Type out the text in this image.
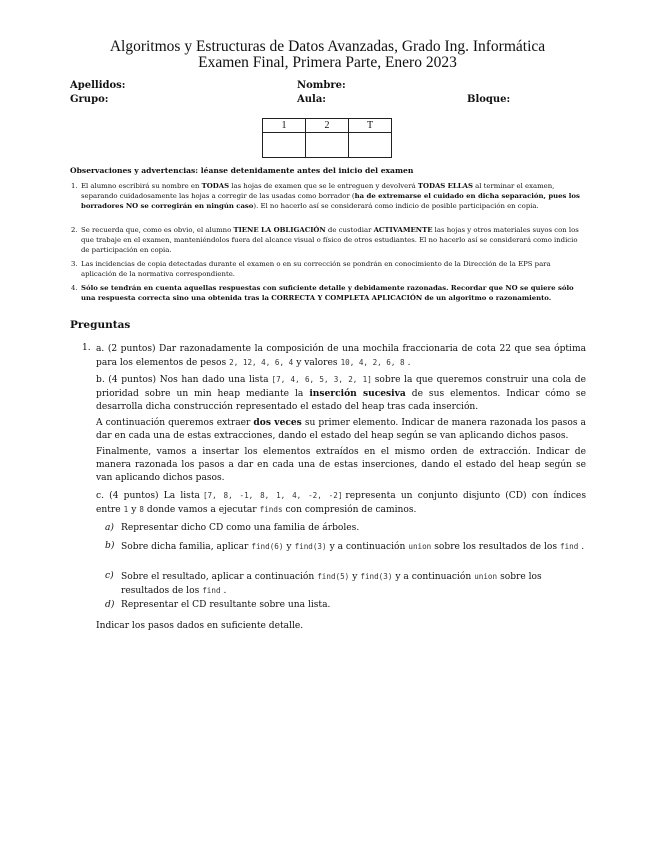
Algoritmos y Estructuras de Datos Avanzadas, Grado Ing. Informática
Examen Final, Primera Parte, Enero 2023
Apellidos:	Nombre:
Grupo:	Aula:	Bloque:
1	2	T

Observaciones y advertencias: léanse detenidamente antes del inicio del examen
1. El alumno escribirá su nombre en TODAS las hojas de examen que se le entreguen y devolverá TODAS ELLAS al terminar el examen, separando cuidadosamente las hojas a corregir de las usadas como borrador (ha de extremarse el cuidado en dicha separación, pues los borradores NO se corregirán en ningún caso). El no hacerlo así se considerará como indicio de posible participación en copia.
2. Se recuerda que, como es obvio, el alumno TIENE LA OBLIGACIÓN de custodiar ACTIVAMENTE las hojas y otros materiales suyos con los que trabaje en el examen, manteniéndolos fuera del alcance visual o físico de otros estudiantes. El no hacerlo así se considerará como indicio de participación en copia.
3. Las incidencias de copia detectadas durante el examen o en su corrección se pondrán en conocimiento de la Dirección de la EPS para aplicación de la normativa correspondiente.
4. Sólo se tendrán en cuenta aquellas respuestas con suficiente detalle y debidamente razonadas. Recordar que NO se quiere sólo una respuesta correcta sino una obtenida tras la CORRECTA Y COMPLETA APLICACIÓN de un algoritmo o razonamiento.
Preguntas
1. a. (2 puntos) Dar razonadamente la composición de una mochila fraccionaria de cota 22 que sea óptima para los elementos de pesos 2, 12, 4, 6, 4 y valores 10, 4, 2, 6, 8 .
b. (4 puntos) Nos han dado una lista [7, 4, 6, 5, 3, 2, 1] sobre la que queremos construir una cola de prioridad sobre un min heap mediante la inserción sucesiva de sus elementos. Indicar cómo se desarrolla dicha construcción representado el estado del heap tras cada inserción.
A continuación queremos extraer dos veces su primer elemento. Indicar de manera razonada los pasos a dar en cada una de estas extracciones, dando el estado del heap según se van aplicando dichos pasos.
Finalmente, vamos a insertar los elementos extraídos en el mismo orden de extracción. Indicar de manera razonada los pasos a dar en cada una de estas inserciones, dando el estado del heap según se van aplicando dichos pasos.
c. (4 puntos) La lista [7, 8, -1, 8, 1, 4, -2, -2] representa un conjunto disjunto (CD) con índices entre 1 y 8 donde vamos a ejecutar finds con compresión de caminos.
a) Representar dicho CD como una familia de árboles.
b) Sobre dicha familia, aplicar find(6) y find(3) y a continuación union sobre los resultados de los find .
c) Sobre el resultado, aplicar a continuación find(5) y find(3) y a continuación union sobre los resultados de los find .
d) Representar el CD resultante sobre una lista.
Indicar los pasos dados en suficiente detalle.
